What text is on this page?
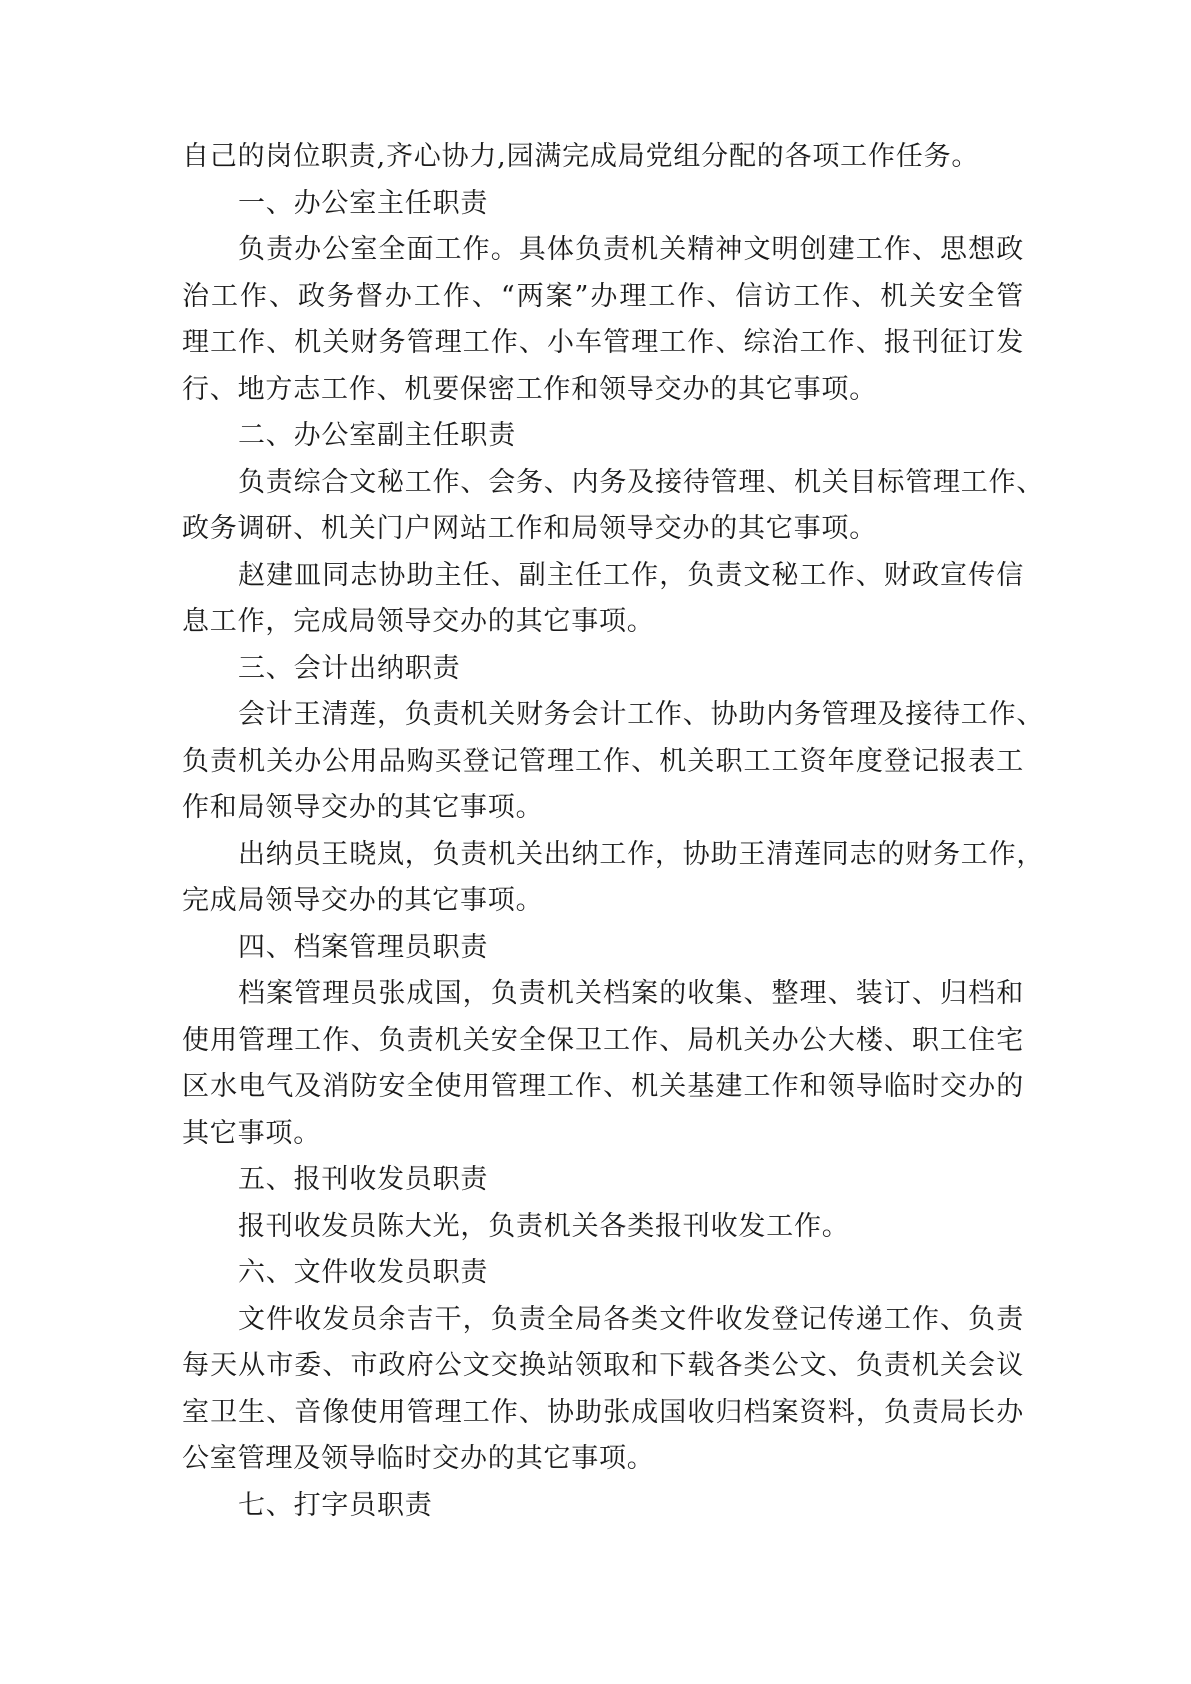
自己的岗位职责,齐心协力,园满完成局党组分配的各项工作任务。
一、办公室主任职责
负责办公室全面工作。具体负责机关精神文明创建工作、思想政
治工作、政务督办工作、“两案”办理工作、信访工作、机关安全管
理工作、机关财务管理工作、小车管理工作、综治工作、报刊征订发
行、地方志工作、机要保密工作和领导交办的其它事项。
二、办公室副主任职责
负责综合文秘工作、会务、内务及接待管理、机关目标管理工作、
政务调研、机关门户网站工作和局领导交办的其它事项。
赵建皿同志协助主任、副主任工作，负责文秘工作、财政宣传信
息工作，完成局领导交办的其它事项。
三、会计出纳职责
会计王清莲，负责机关财务会计工作、协助内务管理及接待工作、
负责机关办公用品购买登记管理工作、机关职工工资年度登记报表工
作和局领导交办的其它事项。
出纳员王晓岚，负责机关出纳工作，协助王清莲同志的财务工作，
完成局领导交办的其它事项。
四、档案管理员职责
档案管理员张成国，负责机关档案的收集、整理、装订、归档和
使用管理工作、负责机关安全保卫工作、局机关办公大楼、职工住宅
区水电气及消防安全使用管理工作、机关基建工作和领导临时交办的
其它事项。
五、报刊收发员职责
报刊收发员陈大光，负责机关各类报刊收发工作。
六、文件收发员职责
文件收发员余吉干，负责全局各类文件收发登记传递工作、负责
每天从市委、市政府公文交换站领取和下载各类公文、负责机关会议
室卫生、音像使用管理工作、协助张成国收归档案资料，负责局长办
公室管理及领导临时交办的其它事项。
七、打字员职责
